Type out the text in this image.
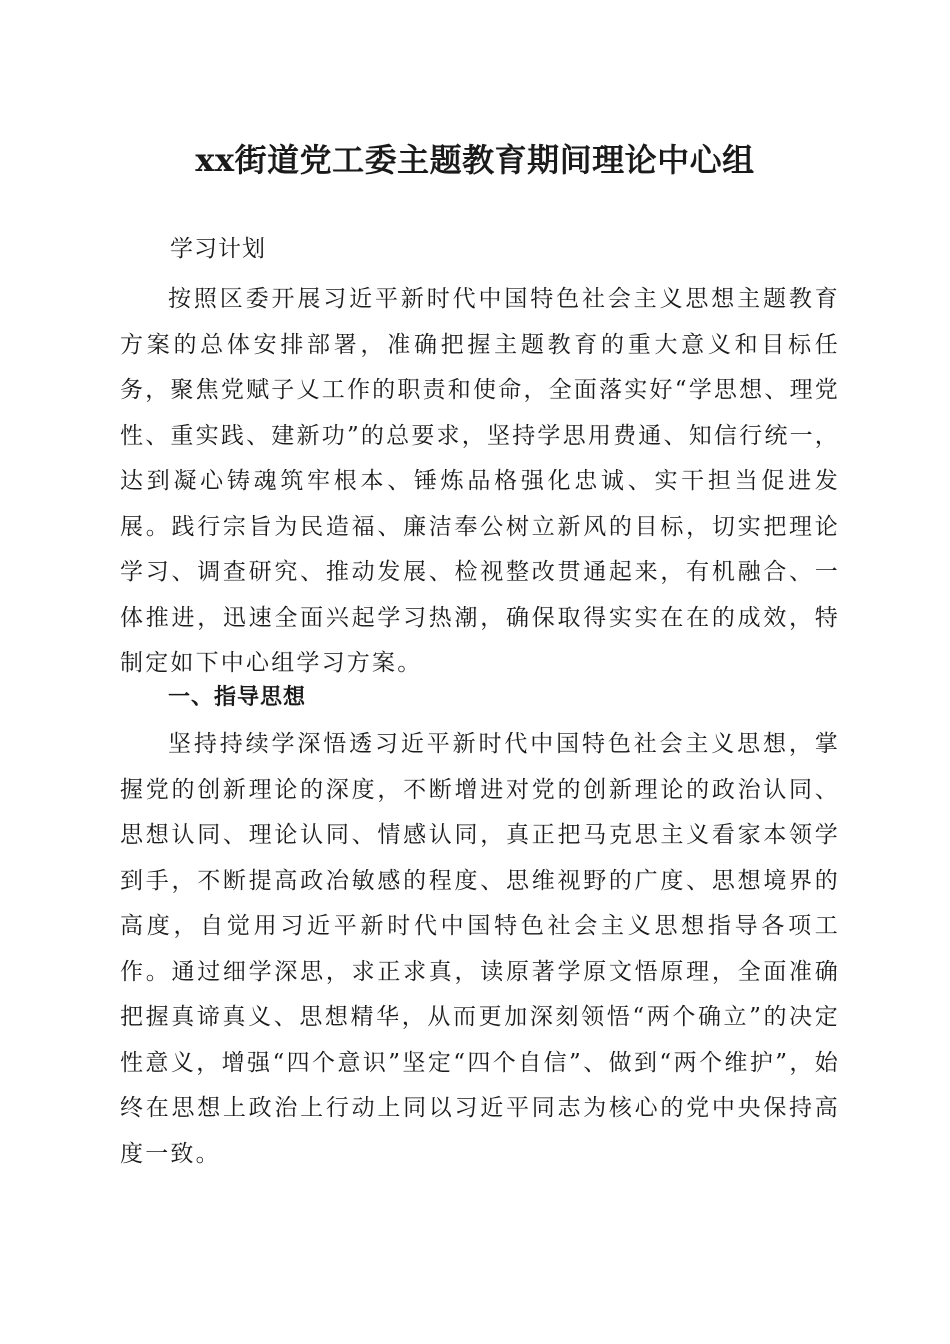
xx街道党工委主题教育期间理论中心组

学习计划

按照区委开展习近平新时代中国特色社会主义思想主题教育方案的总体安排部署，准确把握主题教育的重大意义和目标任务，聚焦党赋子乂工作的职责和使命，全面落实好“学思想、理党性、重实践、建新功”的总要求，坚持学思用费通、知信行统一，达到凝心铸魂筑牢根本、锤炼品格强化忠诚、实干担当促进发展。践行宗旨为民造福、廉洁奉公树立新风的目标，切实把理论学习、调查研究、推动发展、检视整改贯通起来，有机融合、一体推进，迅速全面兴起学习热潮，确保取得实实在在的成效，特制定如下中心组学习方案。

一、指导思想

坚持持续学深悟透习近平新时代中国特色社会主义思想，掌握党的创新理论的深度，不断增进对党的创新理论的政治认同、思想认同、理论认同、情感认同，真正把马克思主义看家本领学到手，不断提高政冶敏感的程度、思维视野的广度、思想境界的高度，自觉用习近平新时代中国特色社会主义思想指导各项工作。通过细学深思，求正求真，读原著学原文悟原理，全面准确把握真谛真义、思想精华，从而更加深刻领悟“两个确立”的决定性意义，增强“四个意识”坚定“四个自信”、做到“两个维护”，始终在思想上政治上行动上同以习近平同志为核心的党中央保持高度一致。
